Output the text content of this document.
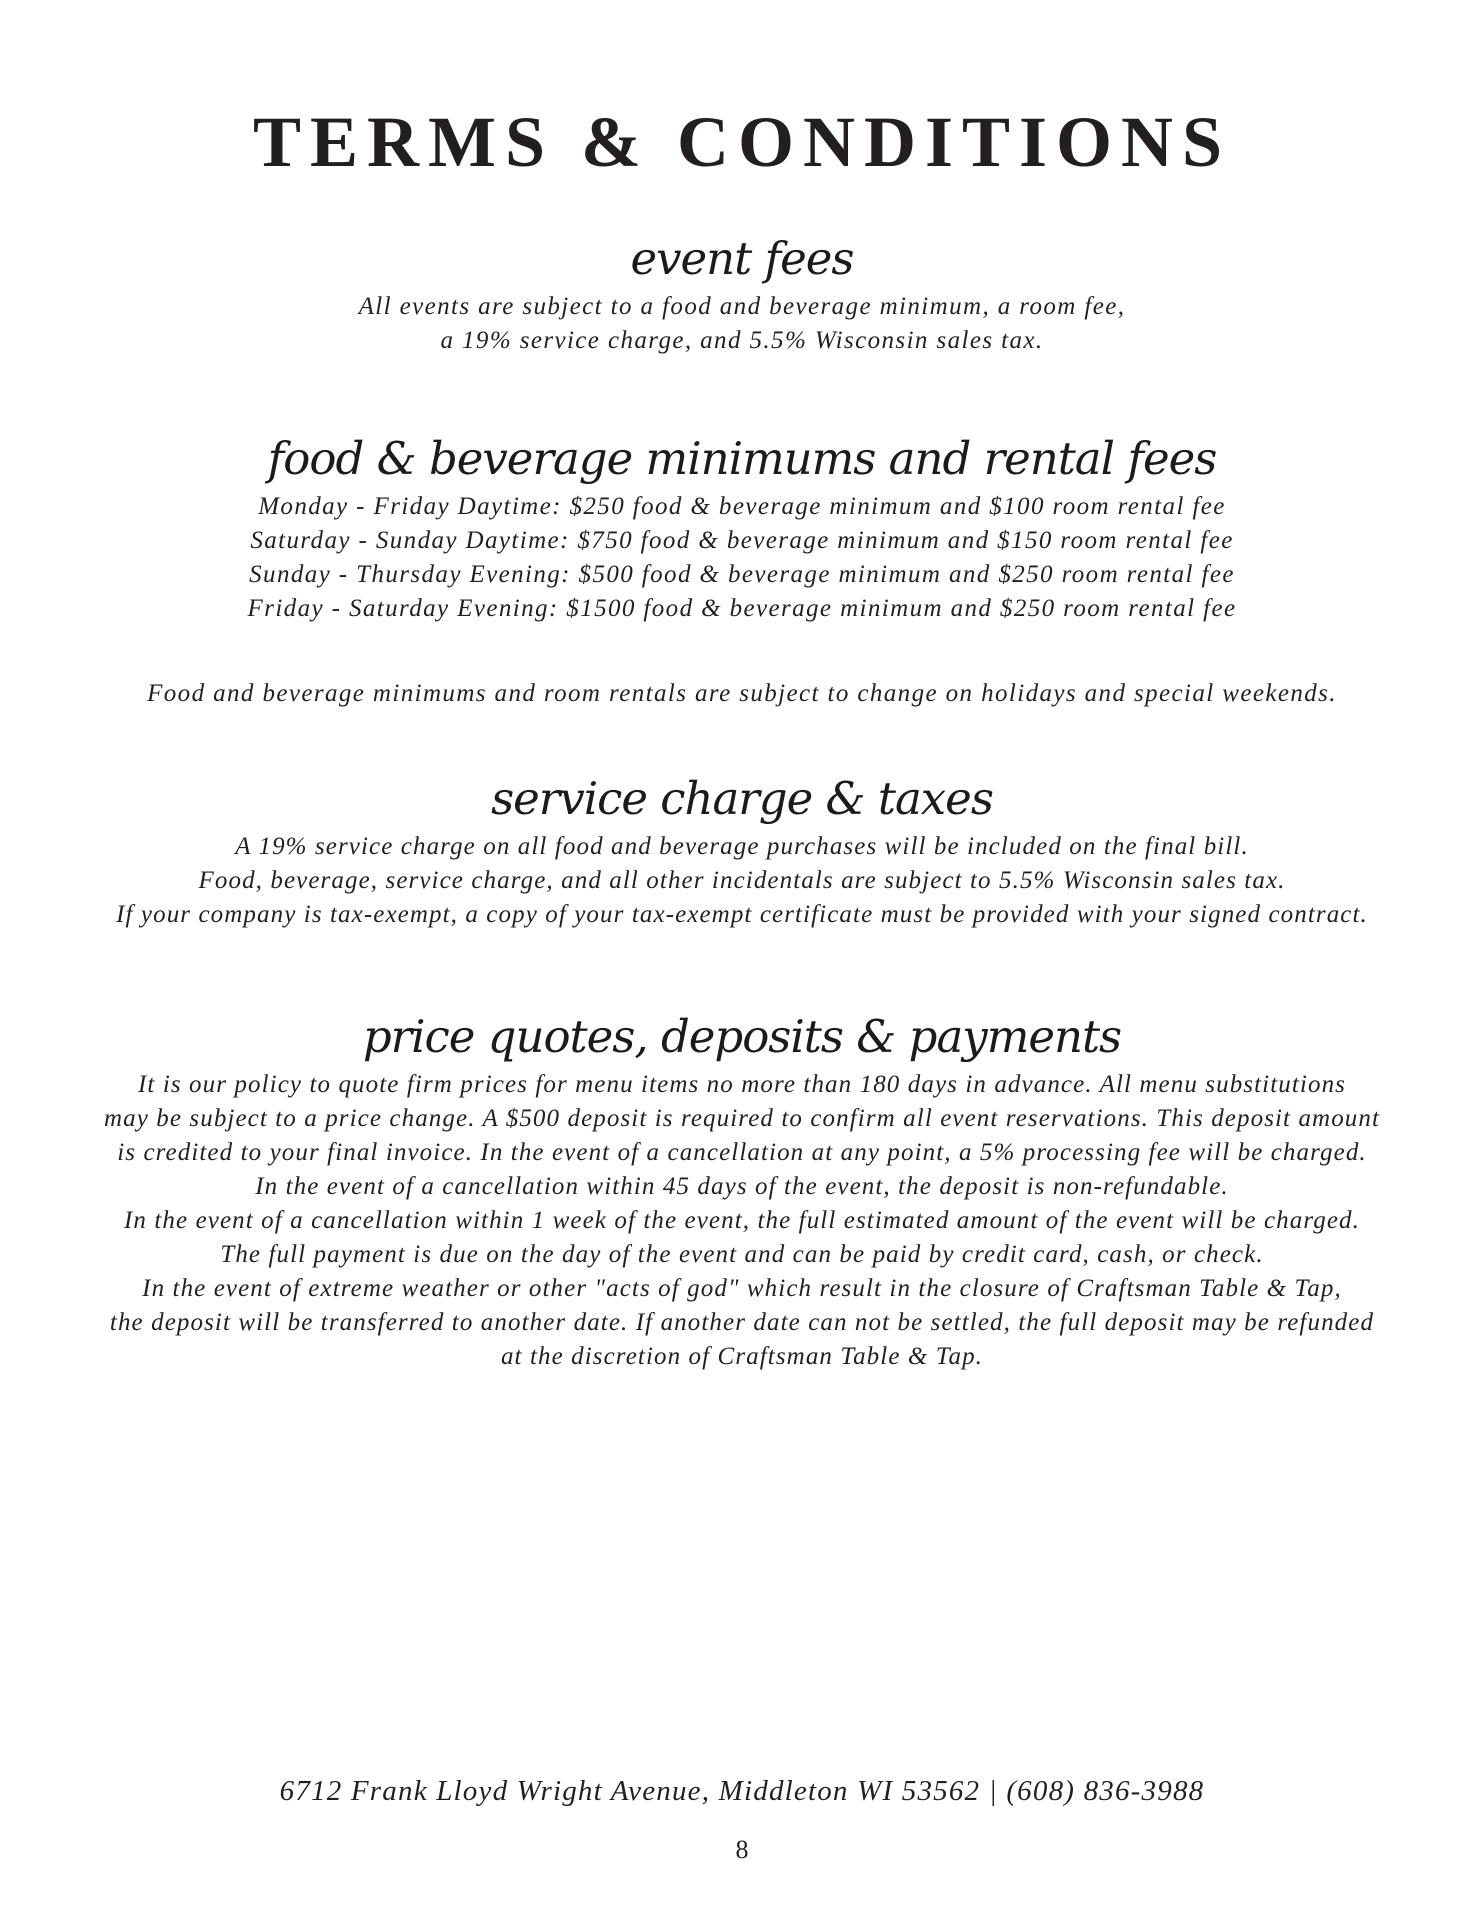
TERMS & CONDITIONS
event fees

All events are subject to a food and beverage minimum, a room fee,
a 19% service charge, and 5.5% Wisconsin sales tax.

food & beverage minimums and rental fees

Monday - Friday Daytime: $250 food & beverage minimum and $100 room rental fee
Saturday - Sunday Daytime: $750 food & beverage minimum and $150 room rental fee
Sunday - Thursday Evening: $500 food & beverage minimum and $250 room rental fee
Friday - Saturday Evening: $1500 food & beverage minimum and $250 room rental fee

Food and beverage minimums and room rentals are subject to change on holidays and special weekends.
service charge & taxes

A 19% service charge on all food and beverage purchases will be included on the final bill.
Food, beverage, service charge, and all other incidentals are subject to 5.5% Wisconsin sales tax.
If your company is tax-exempt, a copy of your tax-exempt certificate must be provided with your signed contract.

price quotes, deposits & payments

It is our policy to quote firm prices for menu items no more than 180 days in advance. All menu substitutions
may be subject to a price change. A $500 deposit is required to confirm all event reservations. This deposit amount
is credited to your final invoice. In the event of a cancellation at any point, a 5% processing fee will be charged.
In the event of a cancellation within 45 days of the event, the deposit is non-refundable.
In the event of a cancellation within 1 week of the event, the full estimated amount of the event will be charged.
The full payment is due on the day of the event and can be paid by credit card, cash, or check.
In the event of extreme weather or other "acts of god" which result in the closure of Craftsman Table & Tap,
the deposit will be transferred to another date. If another date can not be settled, the full deposit may be refunded
at the discretion of Craftsman Table & Tap.

6712 Frank Lloyd Wright Avenue, Middleton WI 53562 | (608) 836-3988
8
